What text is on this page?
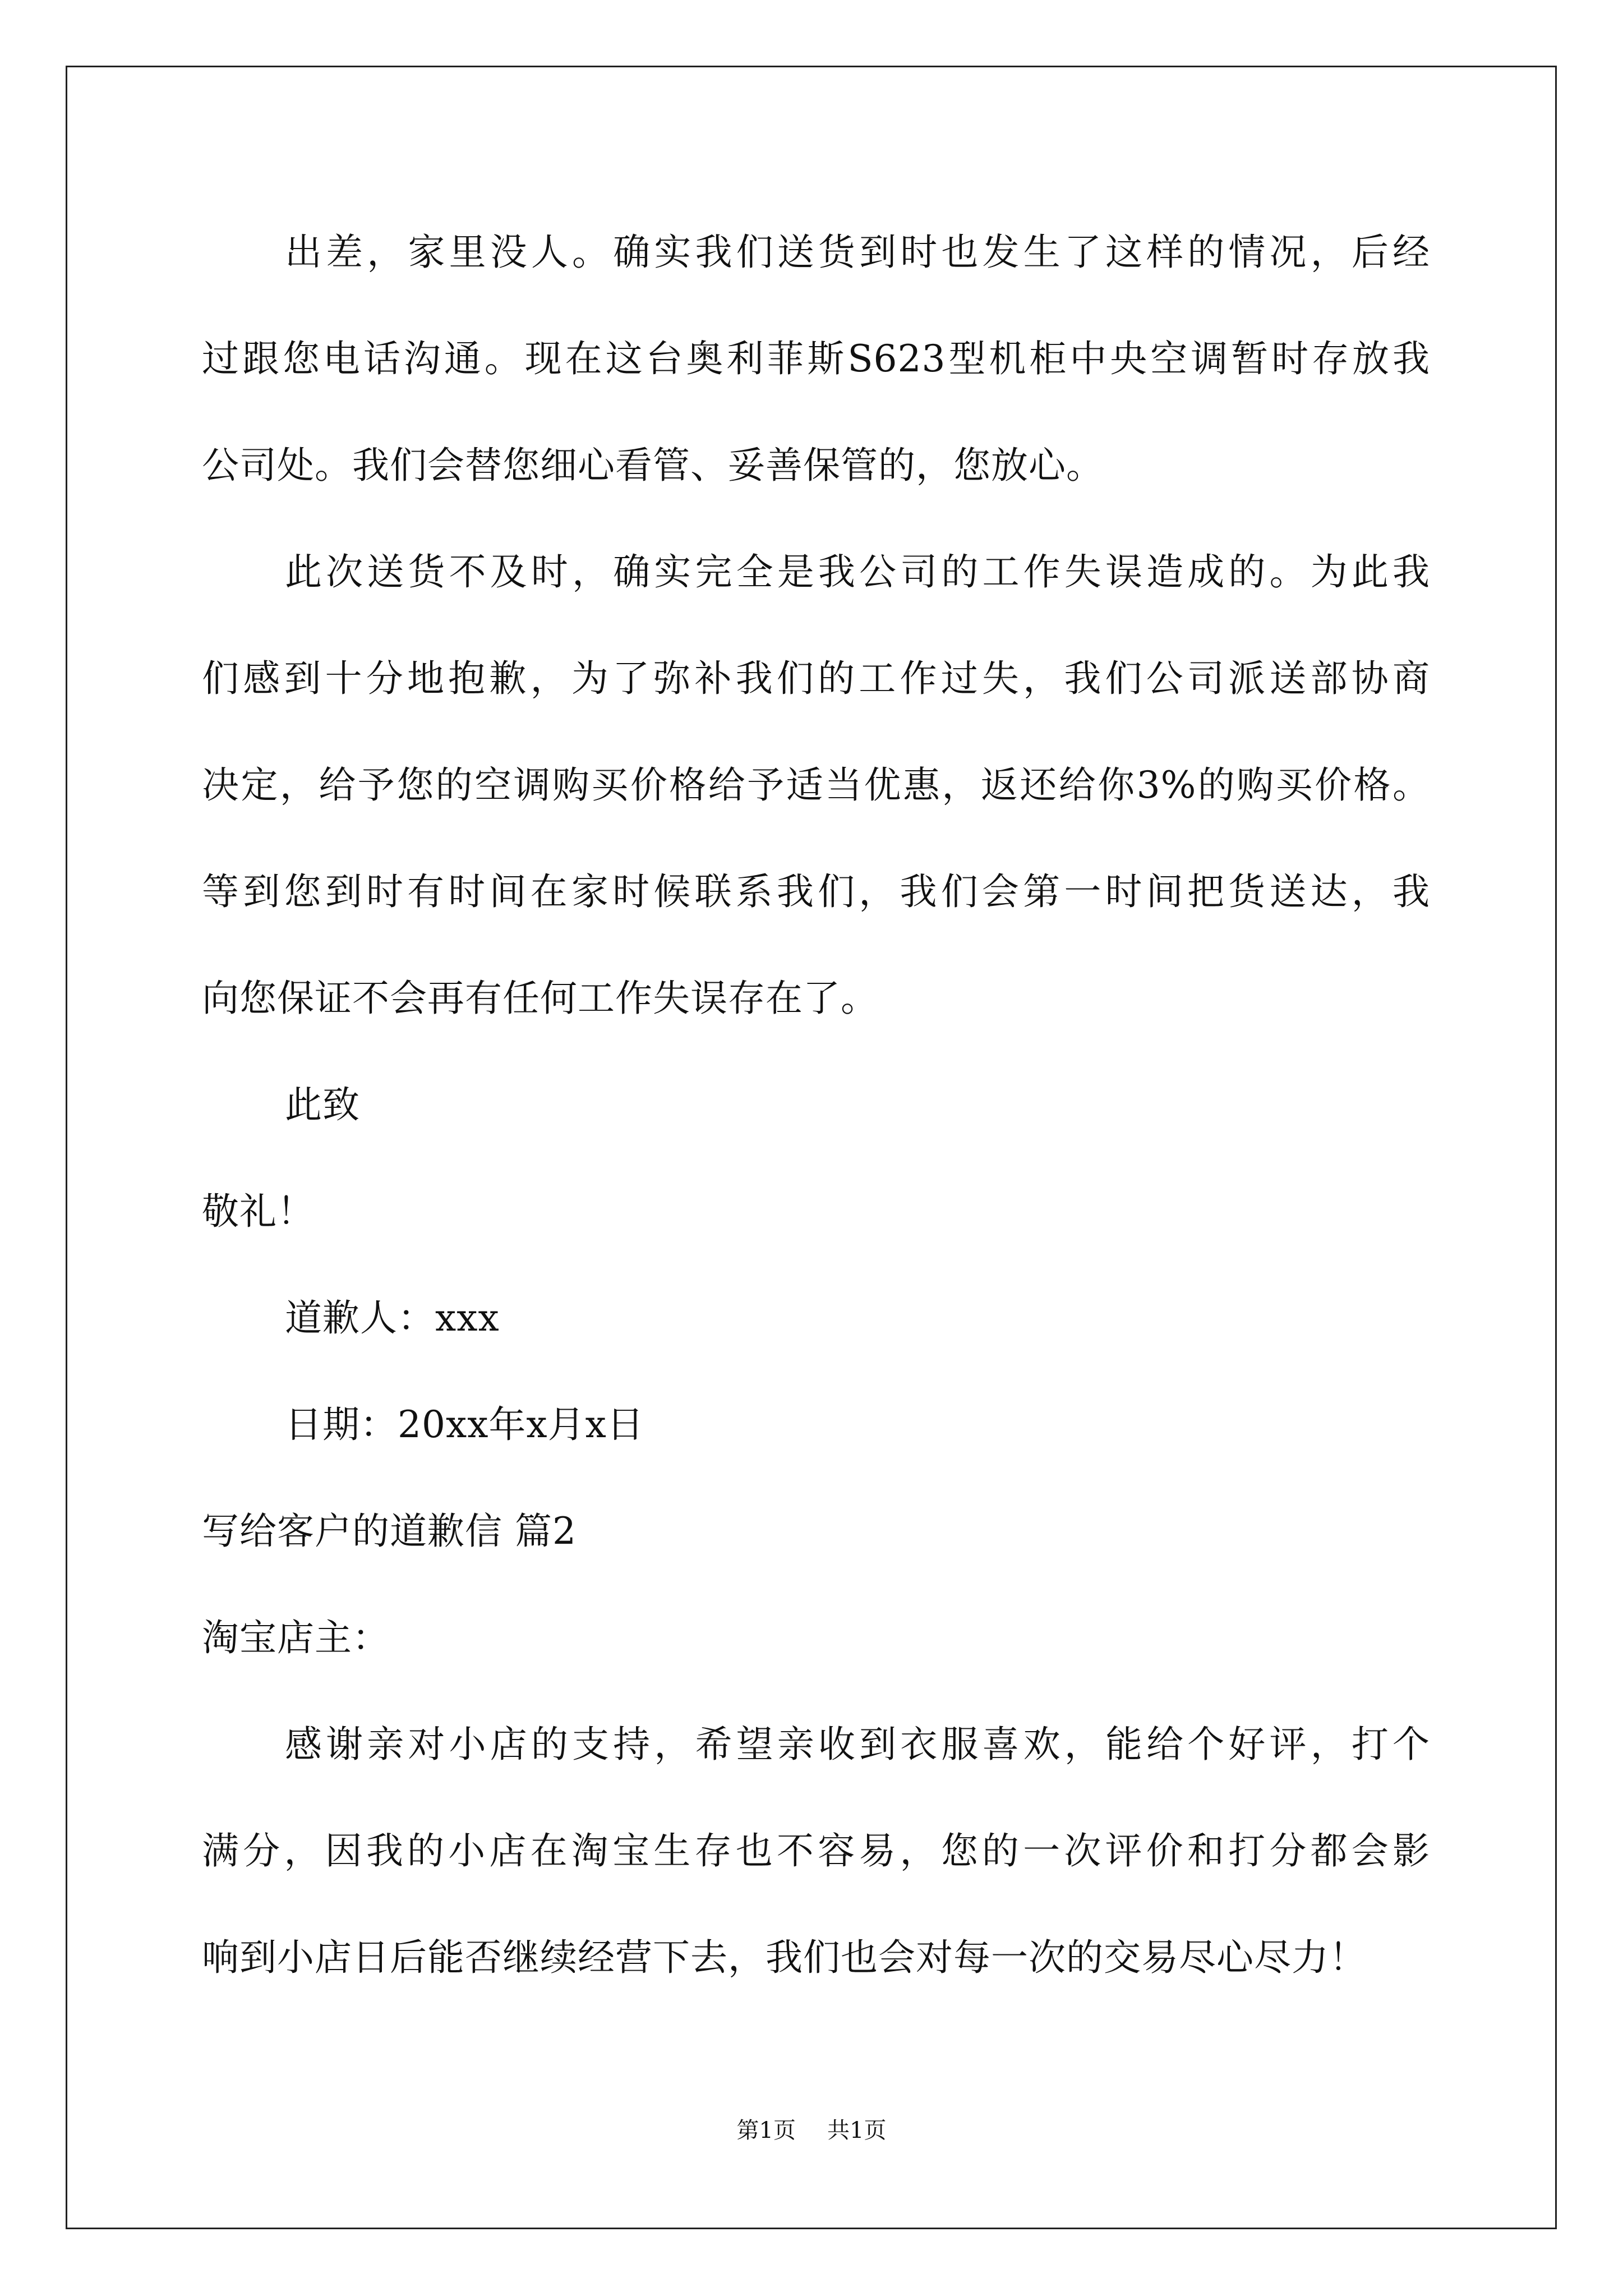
出差，家里没人。确实我们送货到时也发生了这样的情况，后经
过跟您电话沟通。现在这台奥利菲斯S623型机柜中央空调暂时存放我
公司处。我们会替您细心看管、妥善保管的，您放心。
此次送货不及时，确实完全是我公司的工作失误造成的。为此我
们感到十分地抱歉，为了弥补我们的工作过失，我们公司派送部协商
决定，给予您的空调购买价格给予适当优惠，返还给你3%的购买价格。
等到您到时有时间在家时候联系我们，我们会第一时间把货送达，我
向您保证不会再有任何工作失误存在了。
此致
敬礼！
道歉人：xxx
日期：20xx年x月x日
写给客户的道歉信 篇2
淘宝店主：
感谢亲对小店的支持，希望亲收到衣服喜欢，能给个好评，打个
满分，因我的小店在淘宝生存也不容易，您的一次评价和打分都会影
响到小店日后能否继续经营下去，我们也会对每一次的交易尽心尽力！
第1页 共1页
